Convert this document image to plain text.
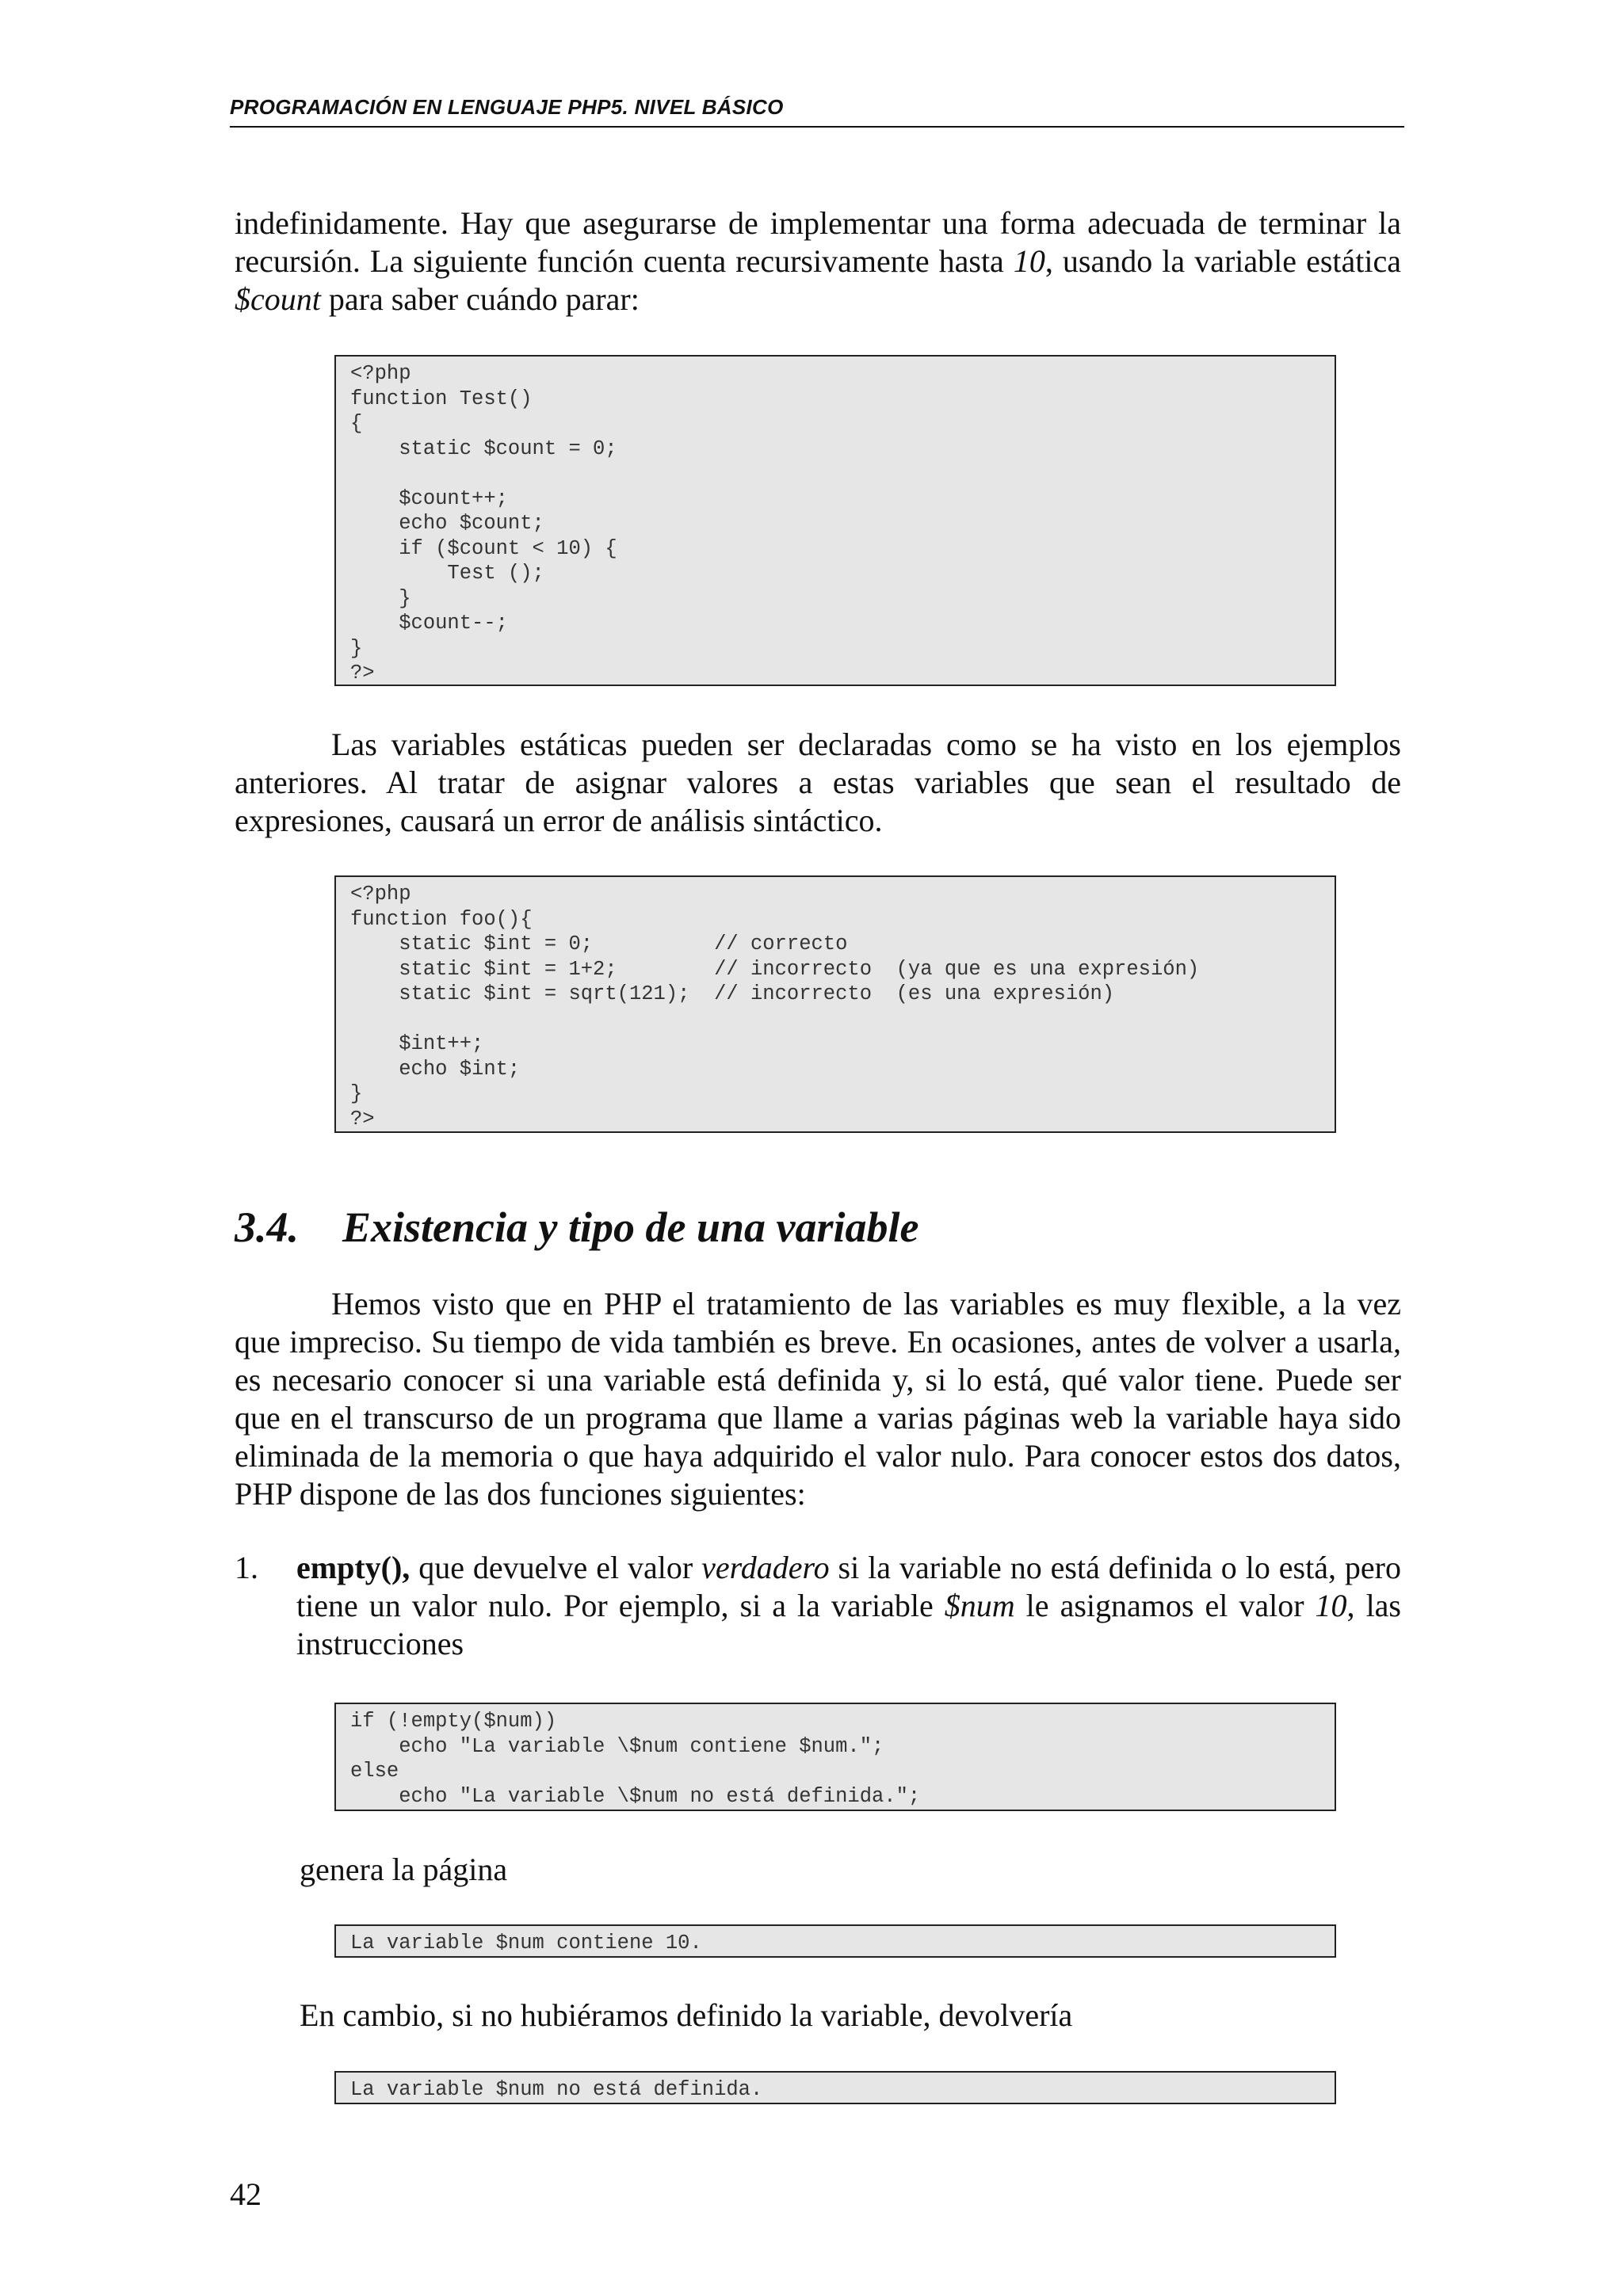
PROGRAMACIÓN EN LENGUAJE PHP5. NIVEL BÁSICO

indefinidamente. Hay que asegurarse de implementar una forma adecuada de terminar la recursión. La siguiente función cuenta recursivamente hasta 10, usando la variable estática $count para saber cuándo parar:

<?php
function Test()
{
static $count = 0;

$count++;
echo $count;
if ($count < 10) {
Test ();
}
$count--;
}
?>

Las variables estáticas pueden ser declaradas como se ha visto en los ejemplos anteriores. Al tratar de asignar valores a estas variables que sean el resultado de expresiones, causará un error de análisis sintáctico.

<?php
function foo(){
static $int = 0;          // correcto
static $int = 1+2;        // incorrecto  (ya que es una expresión)
static $int = sqrt(121);  // incorrecto  (es una expresión)

$int++;
echo $int;
}
?>
3.4. Existencia y tipo de una variable

Hemos visto que en PHP el tratamiento de las variables es muy flexible, a la vez que impreciso. Su tiempo de vida también es breve. En ocasiones, antes de volver a usarla, es necesario conocer si una variable está definida y, si lo está, qué valor tiene. Puede ser que en el transcurso de un programa que llame a varias páginas web la variable haya sido eliminada de la memoria o que haya adquirido el valor nulo. Para conocer estos dos datos, PHP dispone de las dos funciones siguientes:

1. empty(), que devuelve el valor verdadero si la variable no está definida o lo está, pero tiene un valor nulo. Por ejemplo, si a la variable $num le asignamos el valor 10, las instrucciones

if (!empty($num))
echo "La variable \$num contiene $num.";
else
echo "La variable \$num no está definida.";

genera la página

La variable $num contiene 10.

En cambio, si no hubiéramos definido la variable, devolvería

La variable $num no está definida.
42
